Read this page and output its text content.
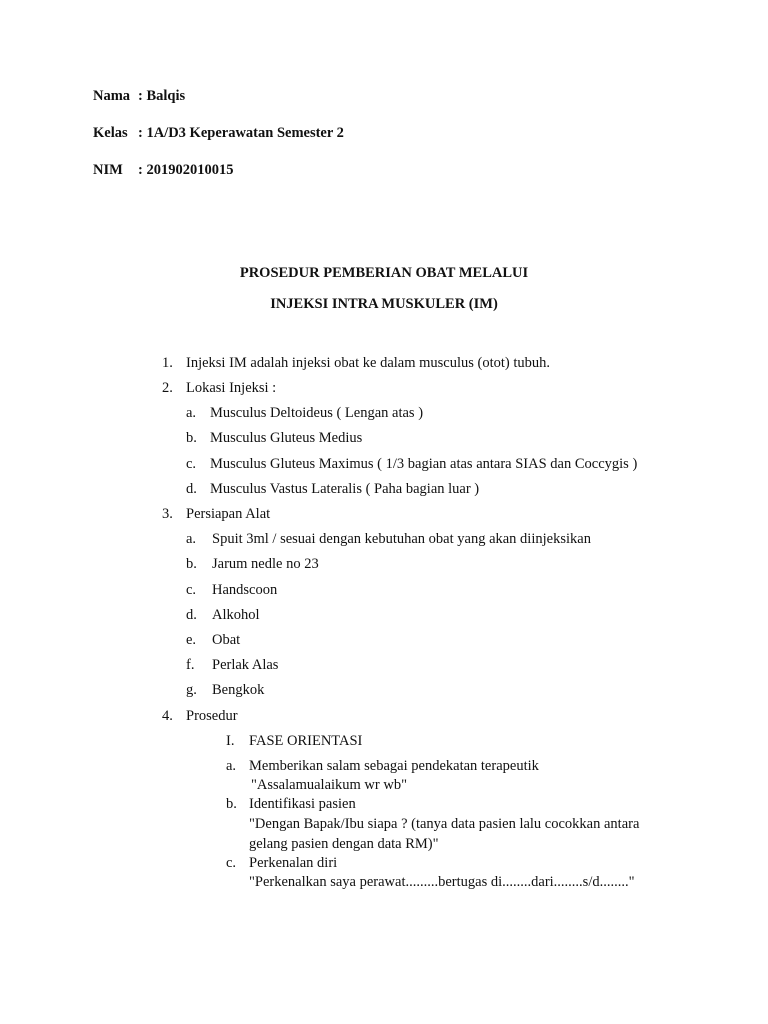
Nama : Balqis
Kelas : 1A/D3 Keperawatan Semester 2
NIM : 201902010015
PROSEDUR PEMBERIAN OBAT MELALUI
INJEKSI INTRA MUSKULER (IM)
1. Injeksi IM adalah injeksi obat ke dalam musculus (otot) tubuh.
2. Lokasi Injeksi :
a. Musculus Deltoideus ( Lengan atas )
b. Musculus Gluteus Medius
c. Musculus Gluteus Maximus ( 1/3 bagian atas antara SIAS dan Coccygis )
d. Musculus Vastus Lateralis ( Paha bagian luar )
3. Persiapan Alat
a. Spuit 3ml / sesuai dengan kebutuhan obat yang akan diinjeksikan
b. Jarum nedle no 23
c. Handscoon
d. Alkohol
e. Obat
f. Perlak Alas
g. Bengkok
4. Prosedur
I. FASE ORIENTASI
a. Memberikan salam sebagai pendekatan terapeutik
"Assalamualaikum wr wb"
b. Identifikasi pasien
"Dengan Bapak/Ibu siapa ? (tanya data pasien lalu cocokkan antara
gelang pasien dengan data RM)"
c. Perkenalan diri
"Perkenalkan saya perawat.........bertugas di........dari........s/d........"
